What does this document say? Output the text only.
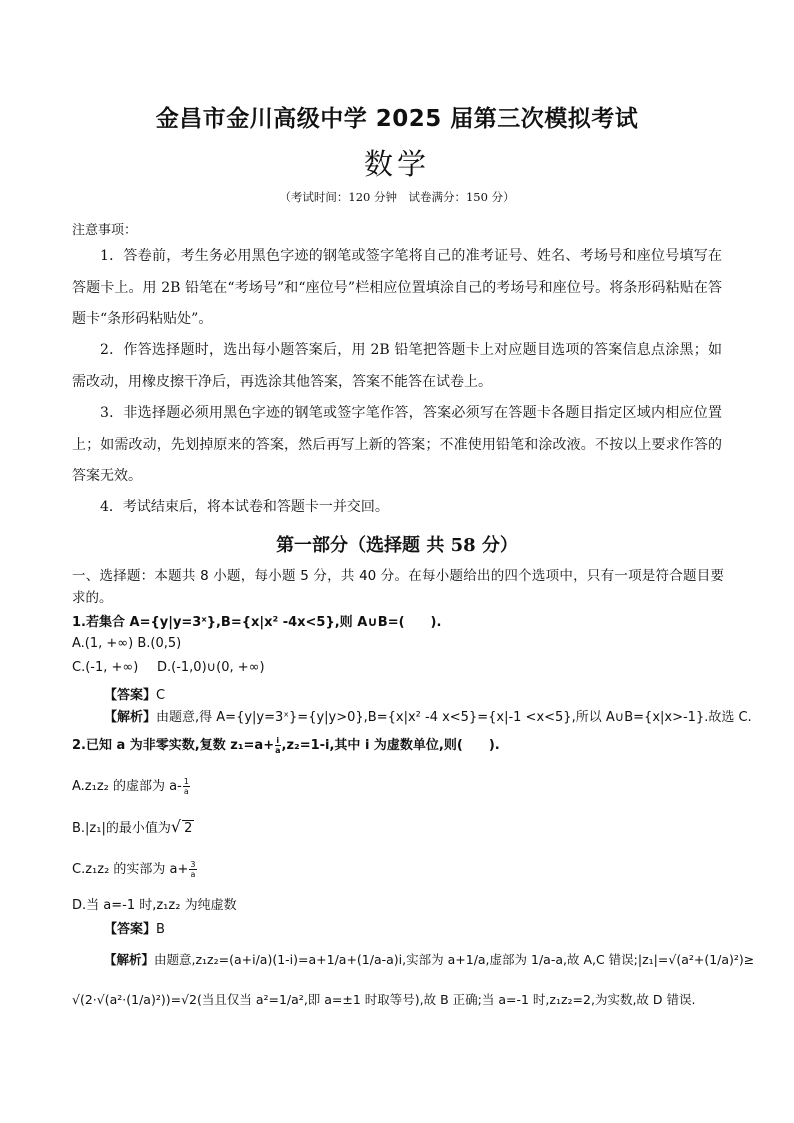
金昌市金川高级中学 2025 届第三次模拟考试
数学
（考试时间：120 分钟　试卷满分：150 分）
注意事项：
1．答卷前，考生务必用黑色字迹的钢笔或签字笔将自己的准考证号、姓名、考场号和座位号填写在答题卡上。用 2B 铅笔在“考场号”和“座位号”栏相应位置填涂自己的考场号和座位号。将条形码粘贴在答题卡“条形码粘贴处”。
2．作答选择题时，选出每小题答案后，用 2B 铅笔把答题卡上对应题目选项的答案信息点涂黑；如需改动，用橡皮擦干净后，再选涂其他答案，答案不能答在试卷上。
3．非选择题必须用黑色字迹的钢笔或签字笔作答，答案必须写在答题卡各题目指定区域内相应位置上；如需改动，先划掉原来的答案，然后再写上新的答案；不准使用铅笔和涂改液。不按以上要求作答的答案无效。
4．考试结束后，将本试卷和答题卡一并交回。
第一部分（选择题 共 58 分）
一、选择题：本题共 8 小题，每小题 5 分，共 40 分。在每小题给出的四个选项中，只有一项是符合题目要求的。
1.若集合 A={y|y=3ˣ},B={x|x² -4x<5},则 A∪B=(　　).
A.(1, +∞) B.(0,5)
C.(-1, +∞) D.(-1,0)∪(0, +∞)
【答案】C
【解析】由题意,得 A={y|y=3ˣ}={y|y>0},B={x|x² -4 x<5}={x|-1 <x<5},所以 A∪B={x|x>-1}.故选 C.
2.已知 a 为非零实数,复数 $z_1=a+ \frac{i}{a} ,z_2=1-i$,其中 i 为虚数单位,则(　　).
A.z₁z₂ 的虚部为 $a- \frac{1}{a}$
B.|z₁|的最小值为√ 2
C.z₁z₂ 的实部为 $a+ \frac{3}{a}$
D.当 a=-1 时,z₁z₂ 为纯虚数
【答案】B
【解析】由题意,z₁z₂=(a+i/a)(1-i)=a+1/a+(1/a-a)i,实部为 a+1/a,虚部为 1/a-a,故 A,C 错误;|z₁|=√(a²+(1/a)²)≥
√(2·√(a²·(1/a)²))=√2(当且仅当 a²=1/a²,即 a=±1 时取等号),故 B 正确;当 a=-1 时,z₁z₂=2,为实数,故 D 错误.
